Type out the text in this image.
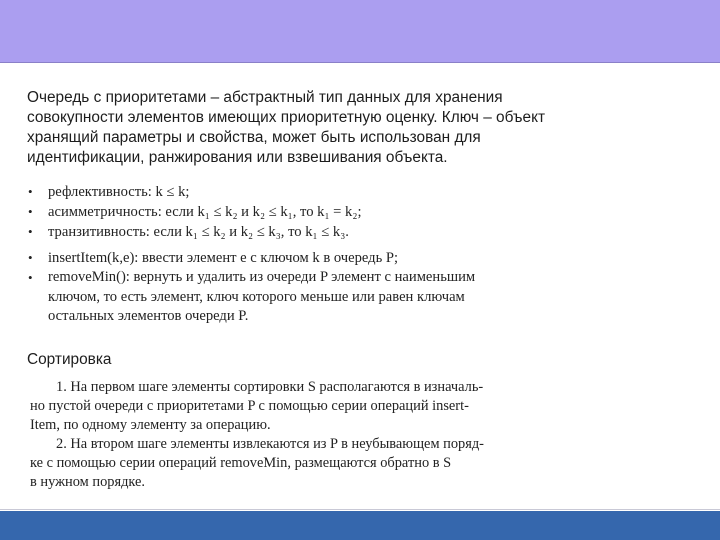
Очередь с приоритетами – абстрактный тип данных для хранения
совокупности элементов имеющих приоритетную оценку. Ключ – объект
хранящий параметры и свойства, может быть использован для
идентификации, ранжирования или взвешивания объекта.

• рефлективность: k ≤ k;
• асимметричность: если k₁ ≤ k₂ и k₂ ≤ k₁, то k₁ = k₂;
• транзитивность: если k₁ ≤ k₂ и k₂ ≤ k₃, то k₁ ≤ k₃.
• insertItem(k,e): ввести элемент e с ключом k в очередь P;
• removeMin(): вернуть и удалить из очереди P элемент с наименьшим
ключом, то есть элемент, ключ которого меньше или равен ключам
остальных элементов очереди P.
Сортировка
1. На первом шаге элементы сортировки S располагаются в изначаль-
но пустой очереди с приоритетами P с помощью серии операций insert-
Item, по одному элементу за операцию.
2. На втором шаге элементы извлекаются из P в неубывающем поряд-
ке с помощью серии операций removeMin, размещаются обратно в S
в нужном порядке.
